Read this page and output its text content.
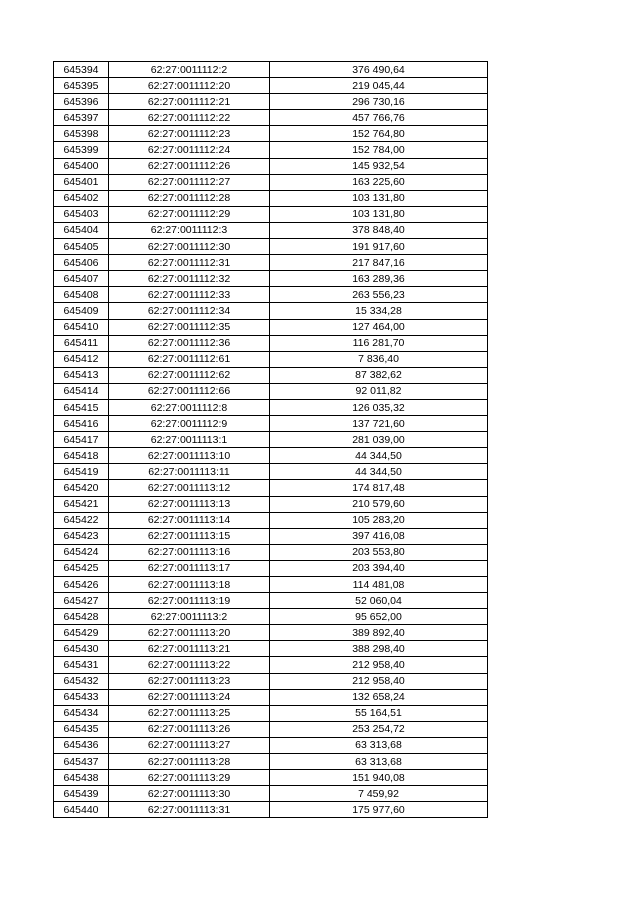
645394	62:27:0011112:2	376 490,64
645395	62:27:0011112:20	219 045,44
645396	62:27:0011112:21	296 730,16
645397	62:27:0011112:22	457 766,76
645398	62:27:0011112:23	152 764,80
645399	62:27:0011112:24	152 784,00
645400	62:27:0011112:26	145 932,54
645401	62:27:0011112:27	163 225,60
645402	62:27:0011112:28	103 131,80
645403	62:27:0011112:29	103 131,80
645404	62:27:0011112:3	378 848,40
645405	62:27:0011112:30	191 917,60
645406	62:27:0011112:31	217 847,16
645407	62:27:0011112:32	163 289,36
645408	62:27:0011112:33	263 556,23
645409	62:27:0011112:34	15 334,28
645410	62:27:0011112:35	127 464,00
645411	62:27:0011112:36	116 281,70
645412	62:27:0011112:61	7 836,40
645413	62:27:0011112:62	87 382,62
645414	62:27:0011112:66	92 011,82
645415	62:27:0011112:8	126 035,32
645416	62:27:0011112:9	137 721,60
645417	62:27:0011113:1	281 039,00
645418	62:27:0011113:10	44 344,50
645419	62:27:0011113:11	44 344,50
645420	62:27:0011113:12	174 817,48
645421	62:27:0011113:13	210 579,60
645422	62:27:0011113:14	105 283,20
645423	62:27:0011113:15	397 416,08
645424	62:27:0011113:16	203 553,80
645425	62:27:0011113:17	203 394,40
645426	62:27:0011113:18	114 481,08
645427	62:27:0011113:19	52 060,04
645428	62:27:0011113:2	95 652,00
645429	62:27:0011113:20	389 892,40
645430	62:27:0011113:21	388 298,40
645431	62:27:0011113:22	212 958,40
645432	62:27:0011113:23	212 958,40
645433	62:27:0011113:24	132 658,24
645434	62:27:0011113:25	55 164,51
645435	62:27:0011113:26	253 254,72
645436	62:27:0011113:27	63 313,68
645437	62:27:0011113:28	63 313,68
645438	62:27:0011113:29	151 940,08
645439	62:27:0011113:30	7 459,92
645440	62:27:0011113:31	175 977,60
